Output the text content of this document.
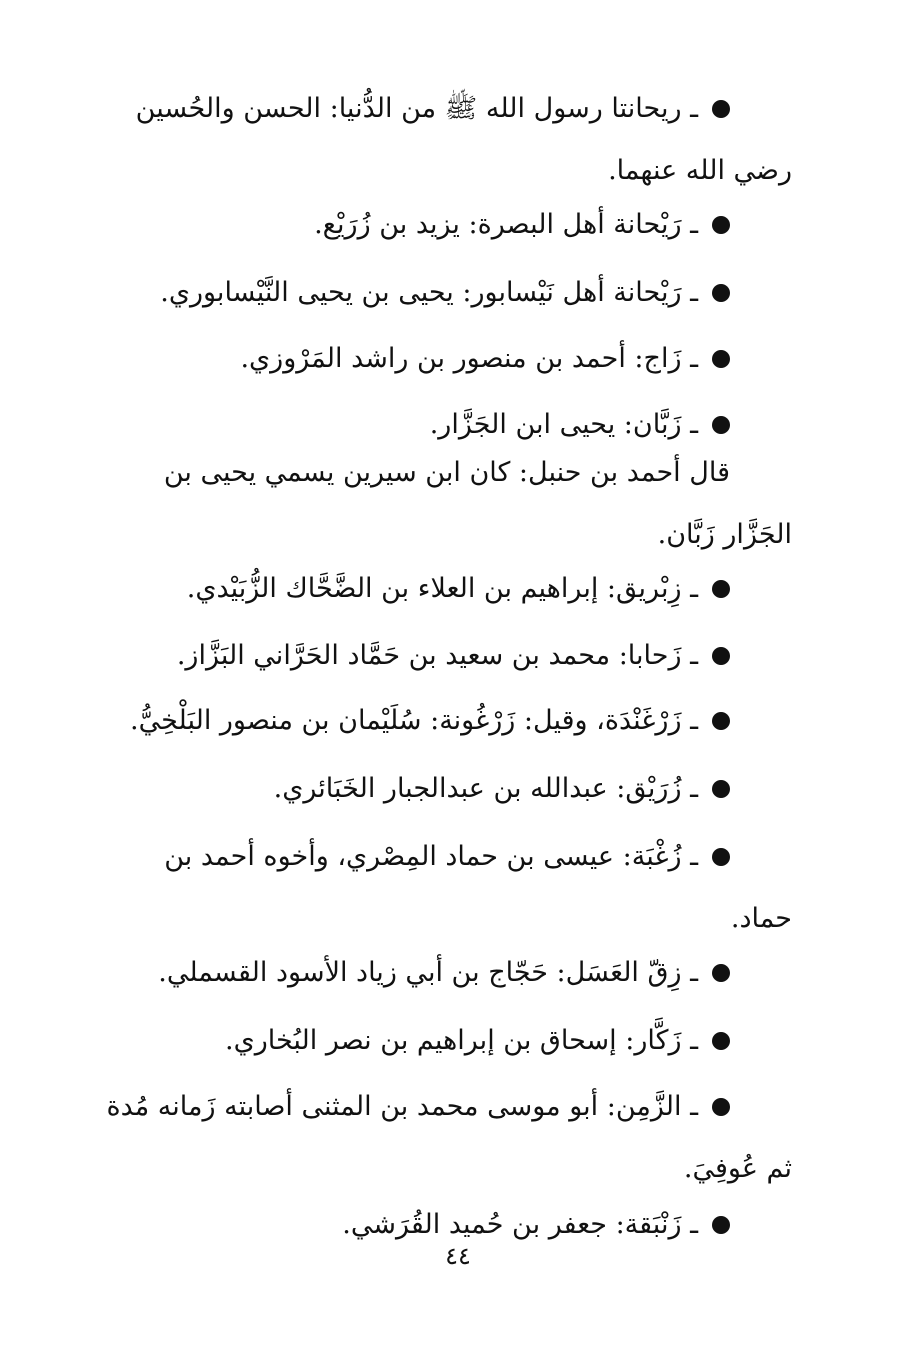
ـ ريحانتا رسول الله ﷺ من الدُّنيا: الحسن والحُسين
رضي الله عنهما.
ـ رَيْحانة أهل البصرة: يزيد بن زُرَيْع.
ـ رَيْحانة أهل نَيْسابور: يحيى بن يحيى النَّيْسابوري.
ـ زَاج: أحمد بن منصور بن راشد المَرْوزي.
ـ زَبَّان: يحيى ابن الجَزَّار.
قال أحمد بن حنبل: كان ابن سيرين يسمي يحيى بن
الجَزَّار زَبَّان.
ـ زِبْريق: إبراهيم بن العلاء بن الضَّحَّاك الزُّبَيْدي.
ـ زَحابا: محمد بن سعيد بن حَمَّاد الحَرَّاني البَزَّاز.
ـ زَرْغَنْدَة، وقيل: زَرْغُونة: سُلَيْمان بن منصور البَلْخِيُّ.
ـ زُرَيْق: عبدالله بن عبدالجبار الخَبَائري.
ـ زُغْبَة: عيسى بن حماد المِصْري، وأخوه أحمد بن
حماد.
ـ زِقّ العَسَل: حَجّاج بن أبي زياد الأسود القسملي.
ـ زَكَّار: إسحاق بن إبراهيم بن نصر البُخاري.
ـ الزَّمِن: أبو موسى محمد بن المثنى أصابته زَمانه مُدة
ثم عُوفِيَ.
ـ زَنْبَقة: جعفر بن حُميد القُرَشي.
٤٤
